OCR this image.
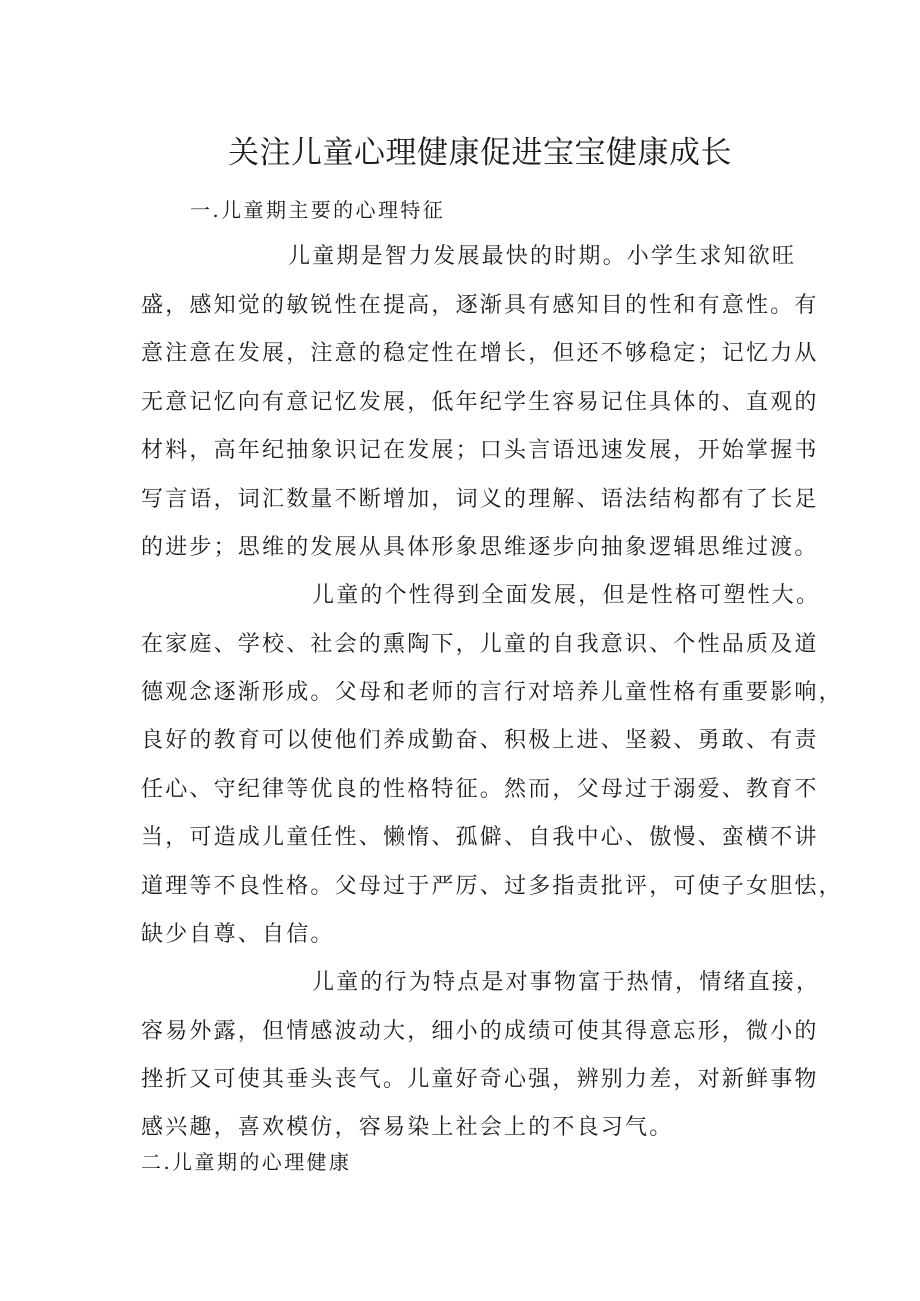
关注儿童心理健康促进宝宝健康成长
一.儿童期主要的心理特征
儿童期是智力发展最快的时期。小学生求知欲旺
盛，感知觉的敏锐性在提高，逐渐具有感知目的性和有意性。有
意注意在发展，注意的稳定性在增长，但还不够稳定；记忆力从
无意记忆向有意记忆发展，低年纪学生容易记住具体的、直观的
材料，高年纪抽象识记在发展；口头言语迅速发展，开始掌握书
写言语，词汇数量不断增加，词义的理解、语法结构都有了长足
的进步；思维的发展从具体形象思维逐步向抽象逻辑思维过渡。
儿童的个性得到全面发展，但是性格可塑性大。
在家庭、学校、社会的熏陶下，儿童的自我意识、个性品质及道
德观念逐渐形成。父母和老师的言行对培养儿童性格有重要影响，
良好的教育可以使他们养成勤奋、积极上进、坚毅、勇敢、有责
任心、守纪律等优良的性格特征。然而，父母过于溺爱、教育不
当，可造成儿童任性、懒惰、孤僻、自我中心、傲慢、蛮横不讲
道理等不良性格。父母过于严厉、过多指责批评，可使子女胆怯，
缺少自尊、自信。
儿童的行为特点是对事物富于热情，情绪直接，
容易外露，但情感波动大，细小的成绩可使其得意忘形，微小的
挫折又可使其垂头丧气。儿童好奇心强，辨别力差，对新鲜事物
感兴趣，喜欢模仿，容易染上社会上的不良习气。
二.儿童期的心理健康
